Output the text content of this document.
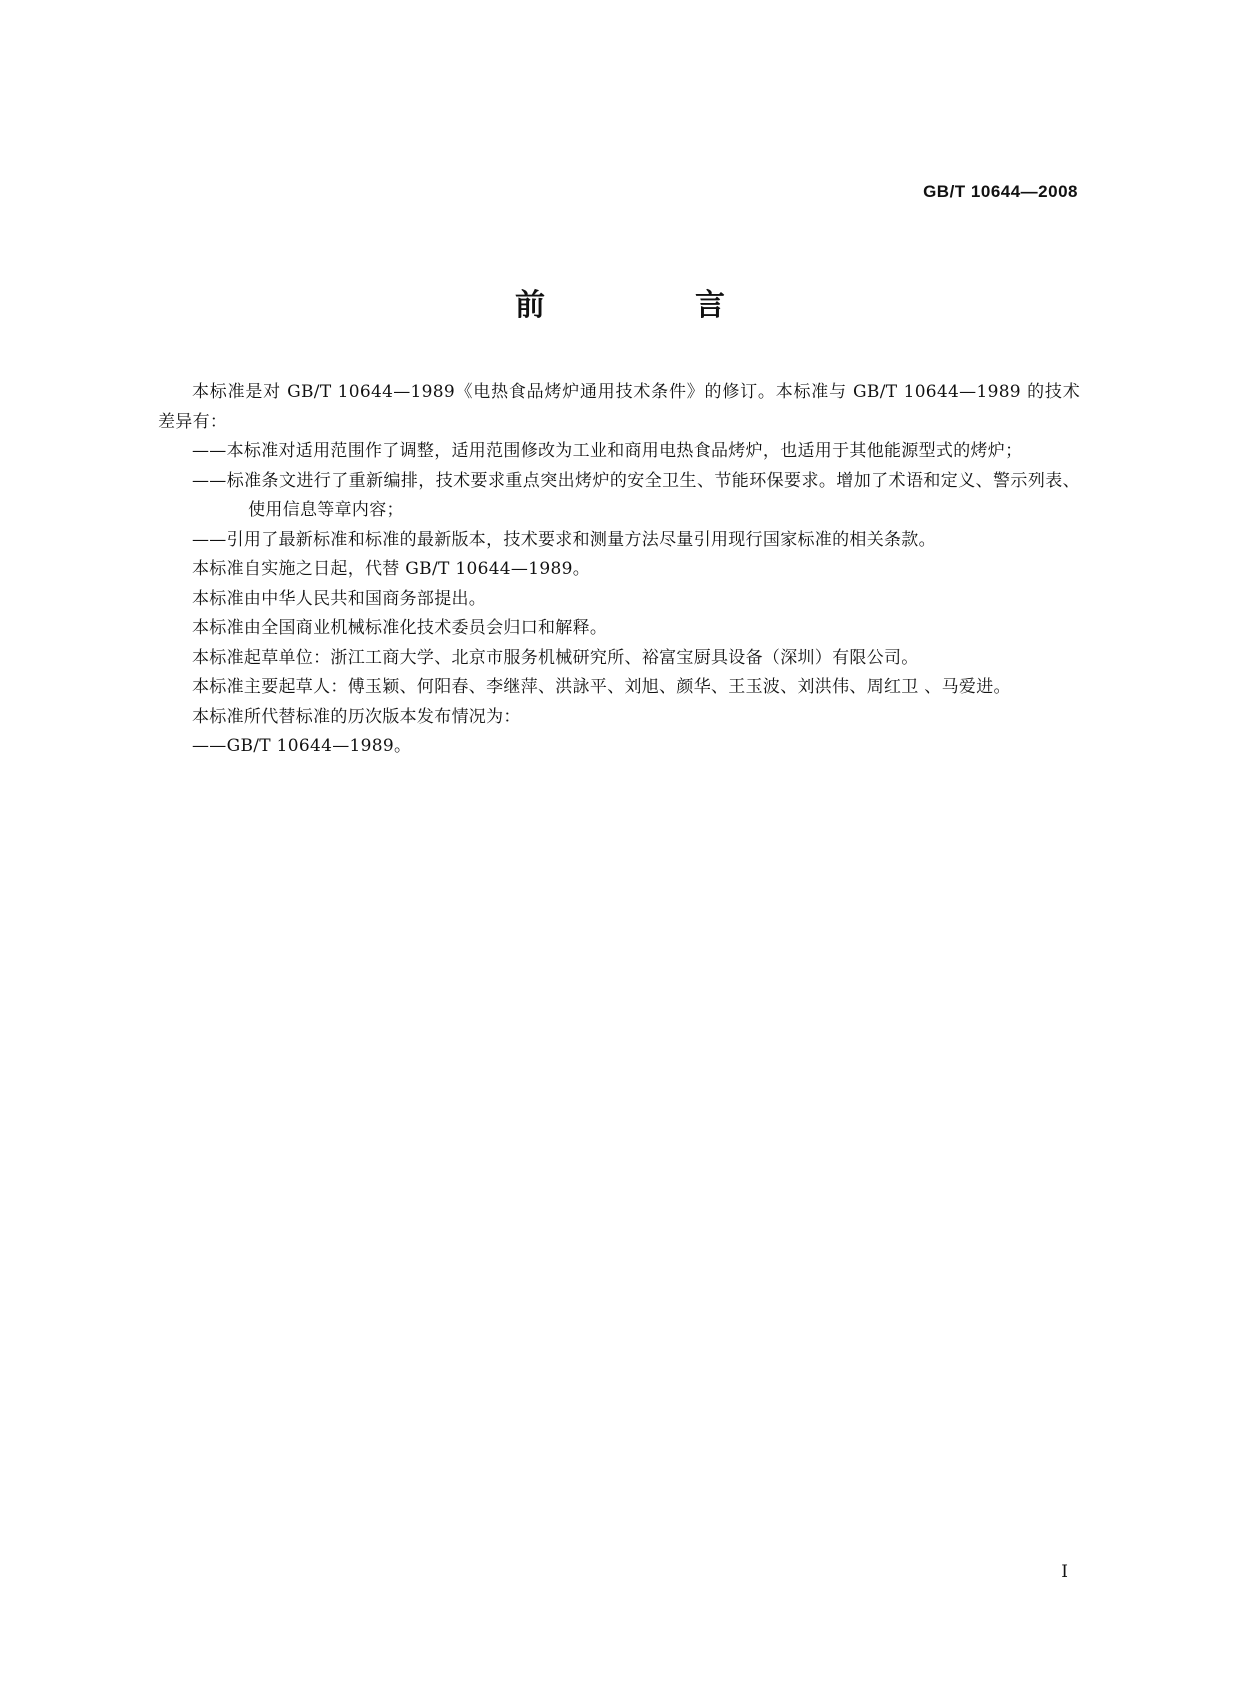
GB/T 10644—2008
前　言

本标准是对 GB/T 10644—1989《电热食品烤炉通用技术条件》的修订。本标准与 GB/T 10644—1989 的技术差异有：

——本标准对适用范围作了调整，适用范围修改为工业和商用电热食品烤炉，也适用于其他能源型式的烤炉；

——标准条文进行了重新编排，技术要求重点突出烤炉的安全卫生、节能环保要求。增加了术语和定义、警示列表、使用信息等章内容；

——引用了最新标准和标准的最新版本，技术要求和测量方法尽量引用现行国家标准的相关条款。

本标准自实施之日起，代替 GB/T 10644—1989。

本标准由中华人民共和国商务部提出。

本标准由全国商业机械标准化技术委员会归口和解释。

本标准起草单位：浙江工商大学、北京市服务机械研究所、裕富宝厨具设备（深圳）有限公司。

本标准主要起草人：傅玉颖、何阳春、李继萍、洪詠平、刘旭、颜华、王玉波、刘洪伟、周红卫 、马爱进。

本标准所代替标准的历次版本发布情况为：

——GB/T 10644—1989。

I
